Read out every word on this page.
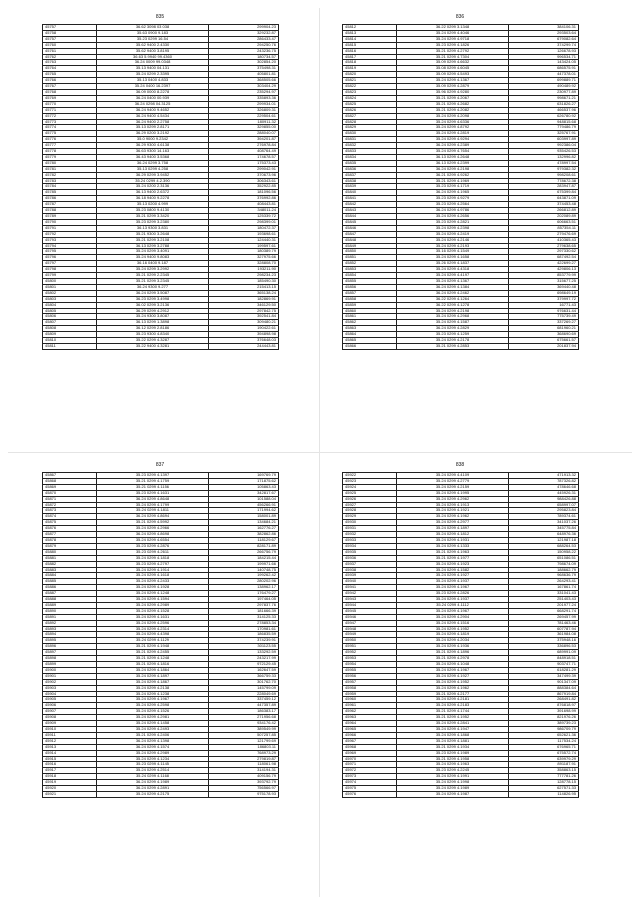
835
45757	36.62 3098 03 038	299904.23
45758	35.63 0900 9.183	329232.87
45757	35.23 0299 16.54	286433.47
45760	35.62 9400 2.4330	294250.76
45761	35.62 9400 3.8195	243236.75
45762	36.63 5.9940 99.4360	180734.57
45763	36.24 0009 99.0348	302854.20
45764	35.13 9400 04.131	375498.31
45765	35.24 0299 2.3395	405801.81
45766	35.13 0400 4.833	368505.66
45767	35.24 0400 16.2397	303404.29
45768	36.09 0000 8.2278	235294.97
45769	36.24 0400 00.939	335893.36
45770	36.24 0298 04.3125	299934.01
45771	36.24 9400 9.4652	326809.31
45772	36.24 9400 4.5434	229504.61
45773	36.24 9400 2.2758	180911.32
45774	35.13 0299 2.8171	329855.00
45775	36.29 0200 3.2192	288040.07
45776	35.0 9000 9.2342	394201.87
45777	36.29 9300 4.6138	276978.84
45778	36.63 9300 14.163	408764.49
45779	36.43 9400 3.5368	174678.57
45780	36.24 0299 3.758	175373.43
45781	35.13 0299 4.258	299042.91
45782	36.29 0299 3.9452	370673.96
45783	35.24 0299 4.2.390	306343.61
45784	35.24 0200 2.3136	352922.85
45785	36.13 9400 2.6372	181096.56
45786	36.18 9400 9.2278	376992.86
45787	35.13 0200 4.999	408443.81
45788	35.23 0800 9.4130	348011.24
45789	35.21 0299 3.3420	125339.72
45790	35.23 0299 3.2380	298399.01
45791	36.13 9300 3.831	180472.37
45792	35.21 9300 3.2648	193698.61
45793	35.21 0299 3.2108	124440.31
45794	36.13 0299 3.2788	199597.61
45795	35.24 0299 3.4091	180389.79
45796	35.24 9400 9.8083	327975.66
45797	36.16 0400 9.187	328808.70
45798	35.24 0299 3.2992	193211.90
45799	35.21 0299 2.2345	298234.23
45800	35.21 0299 3.2345	185490.30
45801	36.24 9300 9.277	215413.15
45802	36.24 0299 3.5087	365138.24
45803	36.23 0299 3.4998	182869.91
45804	36.02 0299 3.2136	346129.50
45805	36.29 0299 4.2912	297842.75
45806	35.24 9300 3.8087	392541.84
45807	36.13 0299 1.3898	309480.21
45808	36.12 0299 2.8186	190422.61
45809	35.23 9300 4.8340	394898.98
45810	35.22 0299 4.3287	376648.03
45811	35.22 9400 4.3281	244443.81
836
45812	36.22 0299 3.1348	384106.31
45813	35.24 0299 4.4046	293503.64
45814	35.24 0299 4.9718	679082.64
45815	35.23 0299 4.1826	374299.74
45816	35.21 0299 4.2792	126678.93
45817	35.21 0299 4.7304	996534.71
45818	35.09 0299 4.6632	143424.05
45819	35.08 0299 4.6045	686575.91
45820	35.09 0299 4.5493	447378.01
45821	35.24 0299 4.1367	699889.71
45822	35.09 0299 4.2879	490489.92
45823	35.96 0299 4.9280	230977.89
45824	35.21 0299 4.2067	998671.21
45825	35.21 0299 4.2682	631826.27
45826	35.21 0299 4.2082	466537.96
45827	35.24 0299 4.2098	626780.92
45828	35.24 0299 4.6336	948815.68
45829	35.24 0299 4.8792	779486.79
45830	35.24 0299 4.2819	325767.91
45831	35.24 0299 4.9294	603997.89
45832	36.24 0299 4.2389	992386.04
45833	35.24 0299 4.7654	935426.53
45834	36.13 0299 4.2648	132996.82
45835	36.13 0299 4.2399	478997.54
45836	36.24 0299 4.2198	979382.32
45837	36.21 0299 4.9262	998208.61
45838	35.21 0299 4.1969	778672.38
45839	35.23 0299 4.1719	283947.87
45840	36.24 0299 4.1965	675399.84
45841	35.23 0299 4.9279	643871.09
45842	35.23 0299 4.2564	374453.48
45843	36.24 0299 4.9786	266812.89
45844	35.24 0299 4.2656	202089.89
45845	35.23 0299 4.2821	606663.51
45846	35.24 0299 4.2398	857354.11
45847	35.24 0299 4.2419	279476.69
45848	35.24 0299 4.2146	410365.43
45849	35.24 0299 4.2193	279638.65
45850	35.16 0299 4.1549	297330.62
45851	35.24 0299 4.1658	687492.54
45852	35.26 0299 4.1837	422699.27
45853	35.24 0299 4.4318	429806.13
45854	35.24 0299 4.4197	853779.99
45855	35.24 0299 4.1367	315677.25
45856	36.24 0299 4.1384	369440.48
45857	36.24 0299 4.2462	698649.19
45858	36.22 0299 4.1264	379997.72
45859	36.22 0299 4.1278	16771.43
45860	35.24 0299 4.2198	976631.44
45861	35.24 0299 4.2968	775739.49
45862	35.24 0299 4.1587	337269.27
45863	36.24 0299 4.2829	681960.21
45864	35.23 0299 4.1259	368690.69
45865	35.24 0299 4.2178	675661.57
45866	35.21 0299 4.2853	201837.94
837
45867	35.23 0299 4.1397	169769.79
45868	35.21 0299 4.1759	171875.62
45869	35.21 0299 4.1156	105863.43
45870	35.23 0299 4.1631	342817.67
45871	36.24 0299 4.8648	101588.04
45872	35.24 0299 4.1799	456266.91
45873	35.24 0299 4.1811	171994.62
45874	36.24 0299 4.8694	158001.89
45875	35.21 0299 4.5992	134684.21
45876	35.24 0299 4.2966	162776.27
45877	36.24 0299 4.8698	382862.86
45878	35.24 0299 4.6554	118129.67
45879	35.23 0299 4.2876	828171.89
45880	35.23 0299 4.2611	266756.79
45881	35.24 0299 4.1818	184215.44
45882	35.23 0299 4.2797	199971.66
45883	35.24 0299 4.1914	140748.75
45884	35.24 0299 4.1618	199262.42
45885	35.24 0299 4.2433	280202.96
45886	35.24 0299 4.1928	138962.17
45887	35.24 0299 4.1248	176479.27
45888	35.24 0299 4.1594	197464.05
45889	35.24 0299 4.2989	297837.76
45890	35.24 0299 4.1528	181666.39
45891	35.24 0299 4.1631	314125.33
45892	35.24 0299 4.2596	278853.34
45893	35.24 0299 4.2314	170981.61
45894	35.24 0299 4.4398	186835.59
45895	35.24 0299 4.1129	374239.91
45896	35.21 0299 4.1948	301123.55
45897	35.21 0299 4.2455	133292.59
45898	35.21 0299 4.1248	243217.99
45899	35.21 0299 4.1816	972129.45
45900	35.24 0299 4.1864	162647.59
45901	35.24 0299 4.1897	366759.33
45902	35.24 0299 4.1867	301762.70
45903	35.24 0299 4.2138	145799.09
45904	35.24 0299 4.1238	228049.69
45905	35.24 0299 4.1967	337459.12
45906	35.24 0299 4.2598	447357.89
45907	35.24 0299 4.1526	186383.17
45908	35.24 0299 4.2981	271956.68
45909	35.24 0299 4.1458	934176.42
45910	35.24 0299 4.2493	389549.99
45911	35.21 0299 4.2406	507257.85
45912	36.24 0299 4.1398	121799.69
45913	36.24 0299 4.1574	186803.11
45914	35.24 0299 4.2989	768973.29
45915	35.24 0299 4.1234	279819.87
45916	35.23 0299 4.1145	118061.98
45917	35.24 0299 4.2514	314194.31
45918	35.24 0299 4.1168	409156.79
45919	36.24 0299 4.1989	393792.79
45920	36.24 0299 4.2891	756566.97
45921	35.24 0299 4.2175	975178.93
838
45922	35.24 0299 4.4109	471913.32
45923	35.24 0299 4.2779	787326.82
45924	35.24 0299 4.2159	478646.68
45925	35.24 0299 4.1995	445926.31
45926	35.24 0299 4.2962	988426.88
45927	35.24 0299 4.1913	658997.07
45928	35.24 0299 4.1921	295823.84
45929	35.24 0299 4.1962	789374.61
45930	35.24 0299 4.2977	341037.26
45931	35.24 0299 4.1897	345775.84
45932	35.24 0299 4.1812	648976.36
45933	35.24 0299 4.1931	121987.18
45934	35.24 0299 4.1333	688264.53
45935	35.21 0299 4.1963	150958.22
45936	35.21 0299 4.1977	651086.51
45937	35.24 0299 4.1923	798674.09
45938	35.24 0299 4.1582	188662.79
45939	35.24 0299 4.1927	968636.79
45940	35.24 0299 4.1937	264293.41
45941	35.24 0299 4.1967	167861.74
45942	35.23 0299 4.2826	331041.43
45943	35.24 0299 4.1937	251403.43
45944	35.24 0299 4.1112	201977.24
45945	35.24 0299 4.1967	668291.74
45946	35.24 0299 4.2904	269457.99
45947	35.24 0299 4.1516	781463.46
45948	35.24 0299 4.1952	607787.94
45949	35.24 0299 4.1819	361984.08
45950	35.24 0299 4.2034	375948.16
45951	35.24 0299 4.1936	336896.53
45952	35.21 0299 4.1896	689991.09
45953	35.21 0299 4.2978	848918.51
45954	35.24 0299 4.1048	903747.71
45955	35.24 0299 4.1967	618281.29
45956	35.24 0299 4.1927	347499.39
45957	35.24 0299 4.1952	901347.09
45958	35.24 0299 4.1962	888384.64
45959	35.21 0299 4.2177	867919.84
45960	35.24 0299 4.2181	268491.82
45961	35.24 0299 4.2183	876818.97
45962	35.21 0299 4.1744	391698.99
45963	35.21 0299 4.1952	821976.26
45964	35.24 0299 4.2841	389739.23
45965	35.24 0299 4.1947	986709.79
45966	35.24 0299 4.1868	652621.36
45967	35.24 0299 4.1881	117534.24
45968	35.21 0299 4.1934	676965.71
45969	35.23 0299 4.1989	675572.74
45970	35.21 0299 4.1958	639979.29
45971	35.24 0299 4.1963	891187.91
45972	35.23 0299 4.2245	358863.15
45973	35.24 0299 4.1991	777781.26
45974	35.24 0299 4.1998	128778.15
45975	35.24 0299 4.1989	627571.33
45976	35.24 0299 4.1987	114826.95
